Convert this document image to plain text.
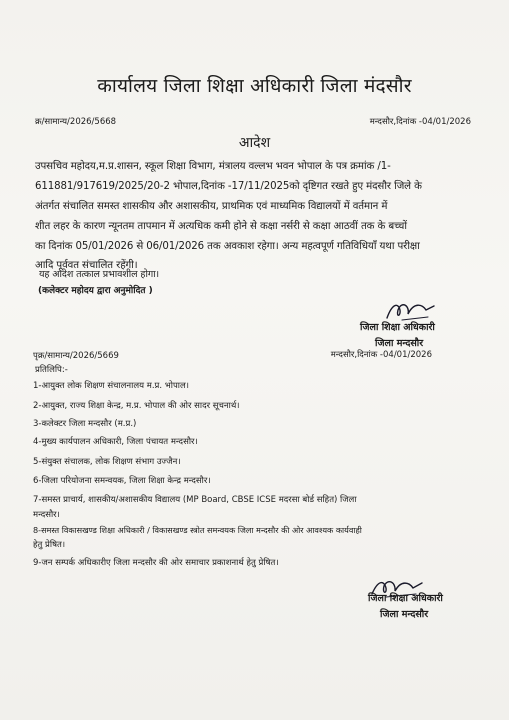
कार्यालय जिला शिक्षा अधिकारी जिला मंदसौर
क्र/सामान्य/2026/5668	मन्दसौर,दिनांक -04/01/2026
आदेश
उपसचिव महोदय,म.प्र.शासन, स्कूल शिक्षा विभाग, मंत्रालय वल्लभ भवन भोपाल के पत्र क्रमांक /1-
611881/917619/2025/20-2 भोपाल,दिनांक -17/11/2025को दृष्टिगत रखते हुए मंदसौर जिले के
अंतर्गत संचालित समस्त शासकीय और अशासकीय, प्राथमिक एवं माध्यमिक विद्यालयों में वर्तमान में
शीत लहर के कारण न्यूनतम तापमान में अत्यधिक कमी होने से कक्षा नर्सरी से कक्षा आठवीं तक के बच्चों
का दिनांक 05/01/2026 से 06/01/2026 तक अवकाश रहेगा। अन्य महत्वपूर्ण गतिविधियाँ यथा परीक्षा
आदि पूर्ववत संचालित रहेंगी।
यह आदेश तत्काल प्रभावशील होगा।
(कलेक्टर महोदय द्वारा अनुमोदित )
जिला शिक्षा अधिकारी
जिला मन्दसौर
पृक्र/सामान्य/2026/5669	मन्दसौर,दिनांक -04/01/2026
प्रतिलिपि:-
1-आयुक्त लोक शिक्षण संचालनालय म.प्र. भोपाल।
2-आयुक्त, राज्य शिक्षा केन्द्र, म.प्र. भोपाल की ओर सादर सूचनार्थ।
3-कलेक्टर जिला मन्दसौर (म.प्र.)
4-मुख्य कार्यपालन अधिकारी, जिला पंचायत मन्दसौर।
5-संयुक्त संचालक, लोक शिक्षण संभाग उज्जैन।
6-जिला परियोजना समन्वयक, जिला शिक्षा केन्द्र मन्दसौर।
7-समस्त प्राचार्य, शासकीय/अशासकीय विद्यालय (MP Board, CBSE ICSE मदरसा बोर्ड सहित) जिला
मन्दसौर।
8-समस्त विकासखण्ड शिक्षा अधिकारी / विकासखण्ड स्त्रोत समन्वयक जिला मन्दसौर की ओर आवश्यक कार्यवाही
हेतु प्रेषित।
9-जन सम्पर्क अधिकारीए जिला मन्दसौर की ओर समाचार प्रकाशनार्थ हेतु प्रेषित।
जिला शिक्षा अधिकारी
जिला मन्दसौर
